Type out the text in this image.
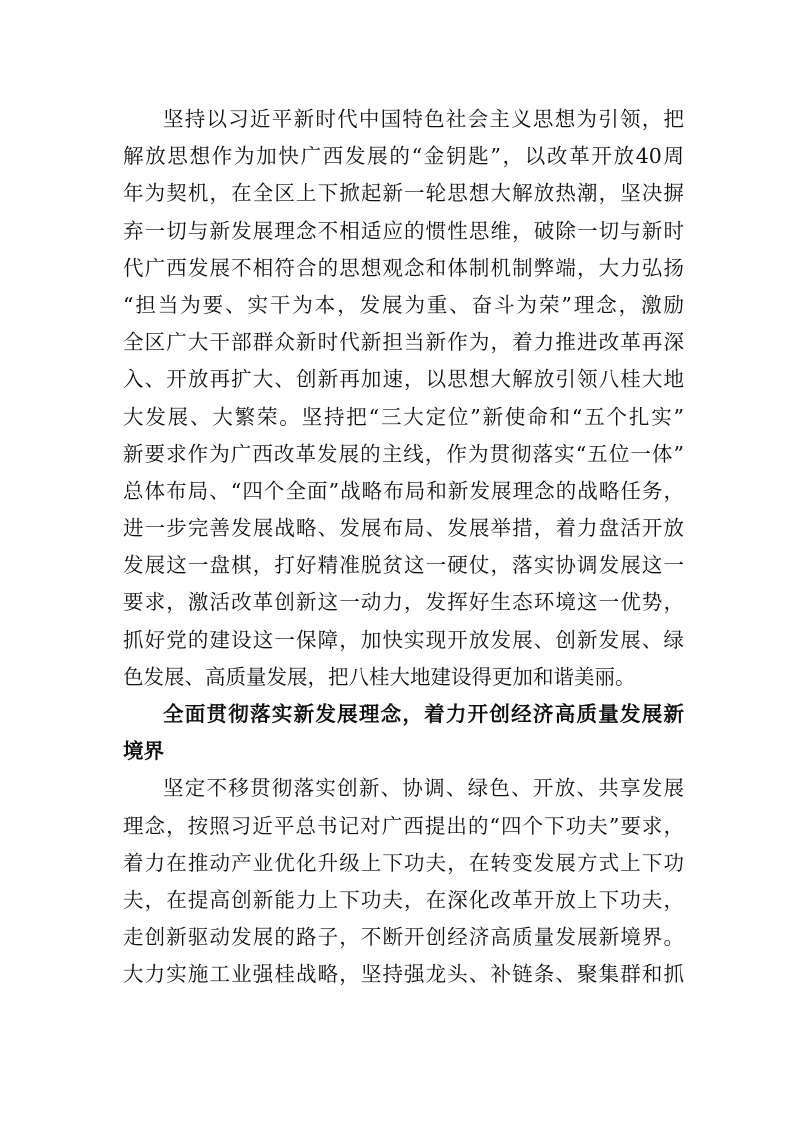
坚持以习近平新时代中国特色社会主义思想为引领，把
解放思想作为加快广西发展的“金钥匙”，以改革开放40周
年为契机，在全区上下掀起新一轮思想大解放热潮，坚决摒
弃一切与新发展理念不相适应的惯性思维，破除一切与新时
代广西发展不相符合的思想观念和体制机制弊端，大力弘扬
“担当为要、实干为本，发展为重、奋斗为荣”理念，激励
全区广大干部群众新时代新担当新作为，着力推进改革再深
入、开放再扩大、创新再加速，以思想大解放引领八桂大地
大发展、大繁荣。坚持把“三大定位”新使命和“五个扎实”
新要求作为广西改革发展的主线，作为贯彻落实“五位一体”
总体布局、“四个全面”战略布局和新发展理念的战略任务，
进一步完善发展战略、发展布局、发展举措，着力盘活开放
发展这一盘棋，打好精准脱贫这一硬仗，落实协调发展这一
要求，激活改革创新这一动力，发挥好生态环境这一优势，
抓好党的建设这一保障，加快实现开放发展、创新发展、绿
色发展、高质量发展，把八桂大地建设得更加和谐美丽。
全面贯彻落实新发展理念，着力开创经济高质量发展新
境界
坚定不移贯彻落实创新、协调、绿色、开放、共享发展
理念，按照习近平总书记对广西提出的“四个下功夫”要求，
着力在推动产业优化升级上下功夫，在转变发展方式上下功
夫，在提高创新能力上下功夫，在深化改革开放上下功夫，
走创新驱动发展的路子，不断开创经济高质量发展新境界。
大力实施工业强桂战略，坚持强龙头、补链条、聚集群和抓
